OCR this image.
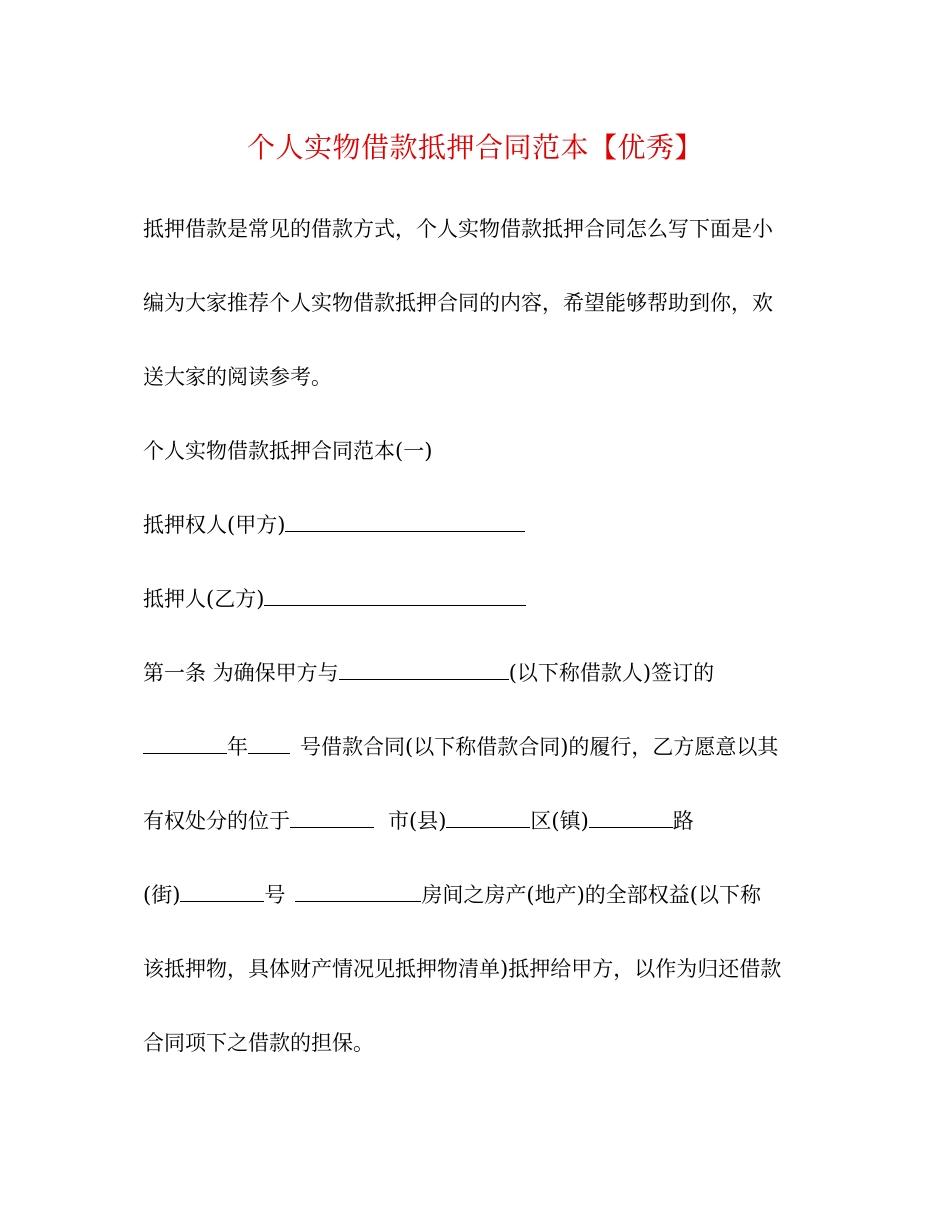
个人实物借款抵押合同范本【优秀】
抵押借款是常见的借款方式，个人实物借款抵押合同怎么写下面是小
编为大家推荐个人实物借款抵押合同的内容，希望能够帮助到你，欢
送大家的阅读参考。
个人实物借款抵押合同范本(一)
抵押权人(甲方)
抵押人(乙方)
第一条 为确保甲方与	(以下称借款人)签订的
年 号借款合同(以下称借款合同)的履行，乙方愿意以其
有权处分的位于	市(县)	区(镇)	路
(街)	号	房间之房产(地产)的全部权益(以下称
该抵押物，具体财产情况见抵押物清单)抵押给甲方，以作为归还借款
合同项下之借款的担保。
